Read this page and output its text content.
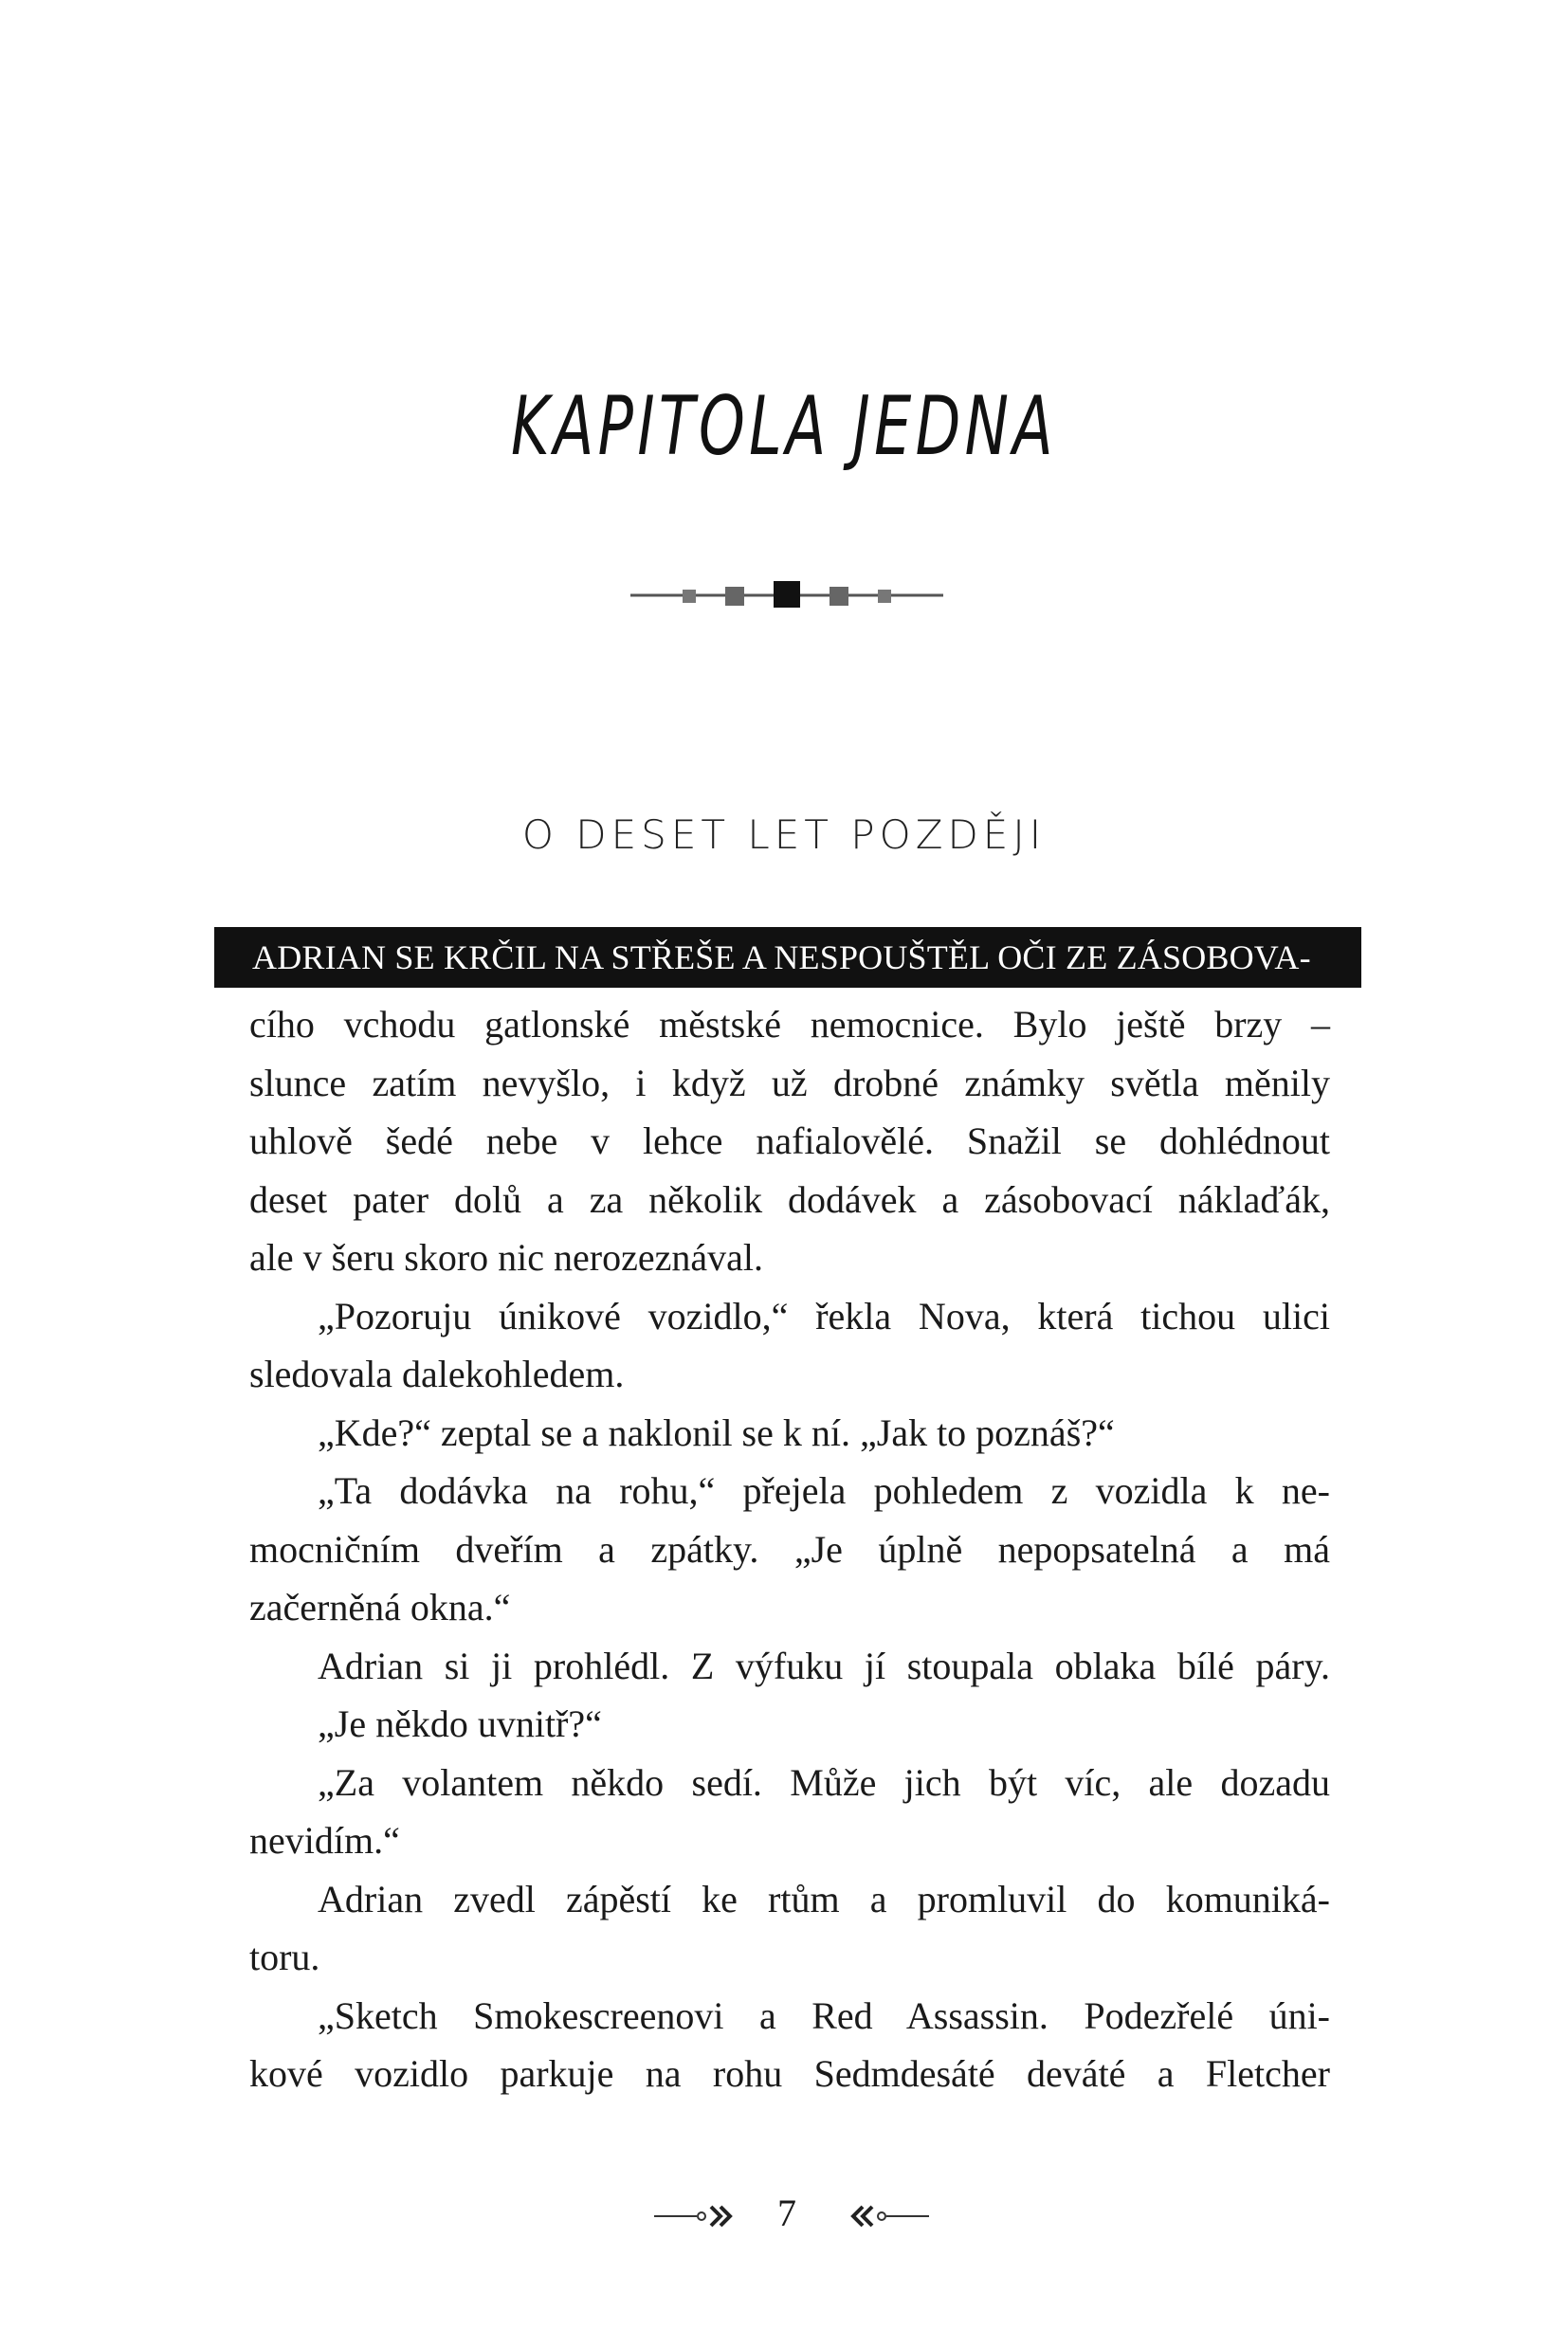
KAPITOLA JEDNA
O DESET LET POZDĚJI
ADRIAN SE KRČIL NA STŘEŠE A NESPOUŠTĚL OČI ZE ZÁSOBOVA-
cího vchodu gatlonské městské nemocnice. Bylo ještě brzy –
slunce zatím nevyšlo, i když už drobné známky světla měnily
uhlově šedé nebe v lehce nafialovělé. Snažil se dohlédnout
deset pater dolů a za několik dodávek a zásobovací náklaďák,
ale v šeru skoro nic nerozeznával.
„Pozoruju únikové vozidlo,“ řekla Nova, která tichou ulici
sledovala dalekohledem.
„Kde?“ zeptal se a naklonil se k ní. „Jak to poznáš?“
„Ta dodávka na rohu,“ přejela pohledem z vozidla k ne-
mocničním dveřím a zpátky. „Je úplně nepopsatelná a má
začerněná okna.“
Adrian si ji prohlédl. Z výfuku jí stoupala oblaka bílé páry.
„Je někdo uvnitř?“
„Za volantem někdo sedí. Může jich být víc, ale dozadu
nevidím.“
Adrian zvedl zápěstí ke rtům a promluvil do komuniká-
toru.
„Sketch Smokescreenovi a Red Assassin. Podezřelé úni-
kové vozidlo parkuje na rohu Sedmdesáté deváté a Fletcher
7
